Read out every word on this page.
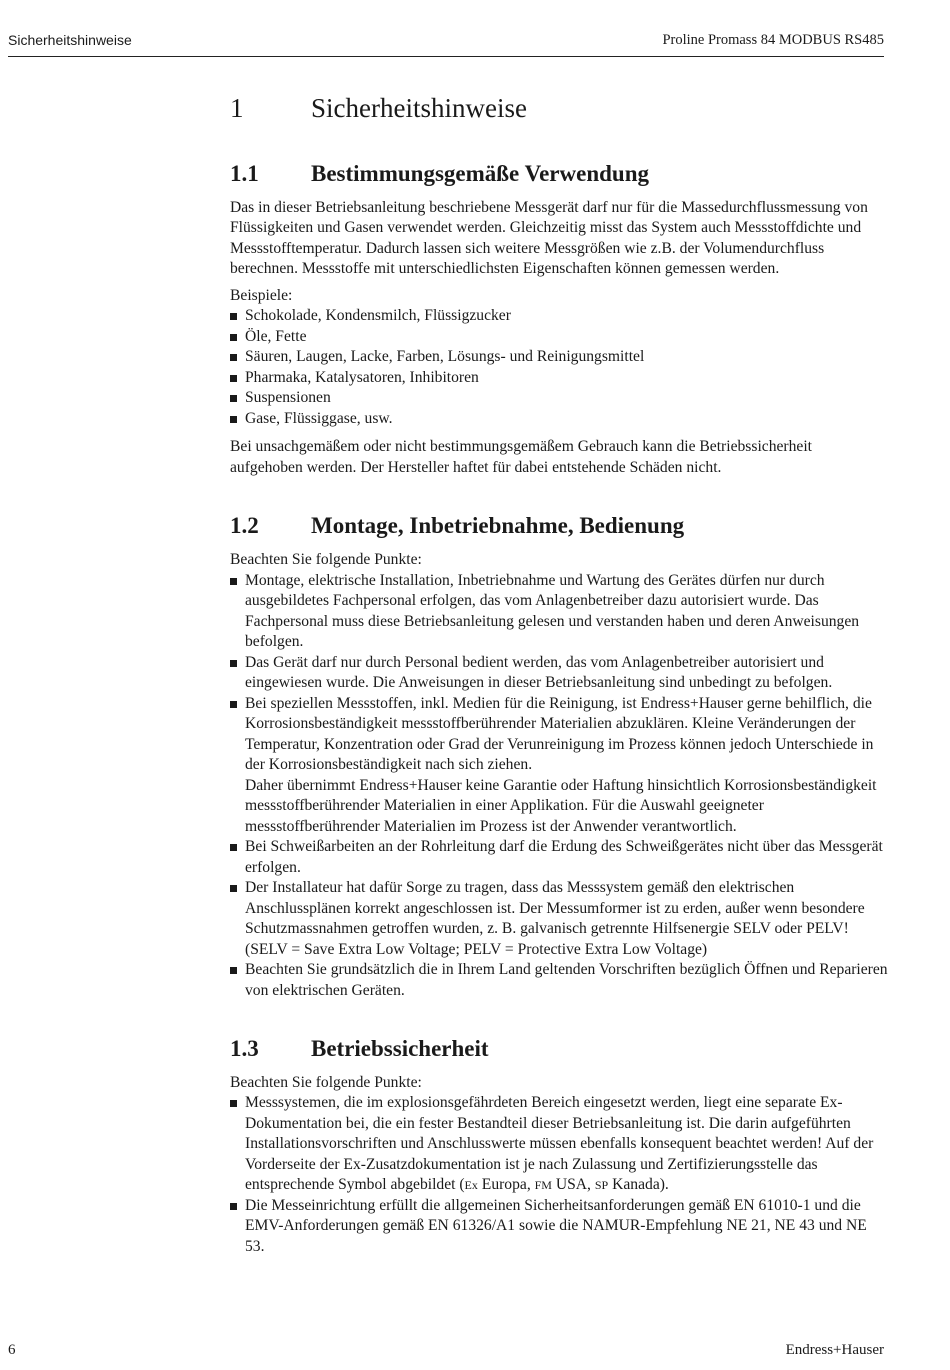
Sicherheitshinweise	Proline Promass 84 MODBUS RS485
1	Sicherheitshinweise
1.1	Bestimmungsgemäße Verwendung

Das in dieser Betriebsanleitung beschriebene Messgerät darf nur für die Massedurchflussmessung von Flüssigkeiten und Gasen verwendet werden. Gleichzeitig misst das System auch Messstoffdichte und Messstofftemperatur. Dadurch lassen sich weitere Messgrößen wie z.B. der Volumendurchfluss berechnen. Messstoffe mit unterschiedlichsten Eigenschaften können gemessen werden.

Beispiele:

Schokolade, Kondensmilch, Flüssigzucker
Öle, Fette
Säuren, Laugen, Lacke, Farben, Lösungs- und Reinigungsmittel
Pharmaka, Katalysatoren, Inhibitoren
Suspensionen
Gase, Flüssiggase, usw.

Bei unsachgemäßem oder nicht bestimmungsgemäßem Gebrauch kann die Betriebssicherheit aufgehoben werden. Der Hersteller haftet für dabei entstehende Schäden nicht.

1.2	Montage, Inbetriebnahme, Bedienung

Beachten Sie folgende Punkte:

Montage, elektrische Installation, Inbetriebnahme und Wartung des Gerätes dürfen nur durch ausgebildetes Fachpersonal erfolgen, das vom Anlagenbetreiber dazu autorisiert wurde. Das Fachpersonal muss diese Betriebsanleitung gelesen und verstanden haben und deren Anweisungen befolgen.
Das Gerät darf nur durch Personal bedient werden, das vom Anlagenbetreiber autorisiert und eingewiesen wurde. Die Anweisungen in dieser Betriebsanleitung sind unbedingt zu befolgen.
Bei speziellen Messstoffen, inkl. Medien für die Reinigung, ist Endress+Hauser gerne behilflich, die Korrosionsbeständigkeit messstoffberührender Materialien abzuklären. Kleine Veränderungen der Temperatur, Konzentration oder Grad der Verunreinigung im Prozess können jedoch Unterschiede in der Korrosionsbeständigkeit nach sich ziehen.
Daher übernimmt Endress+Hauser keine Garantie oder Haftung hinsichtlich Korrosionsbeständigkeit messstoffberührender Materialien in einer Applikation. Für die Auswahl geeigneter messstoffberührender Materialien im Prozess ist der Anwender verantwortlich.
Bei Schweißarbeiten an der Rohrleitung darf die Erdung des Schweißgerätes nicht über das Messgerät erfolgen.
Der Installateur hat dafür Sorge zu tragen, dass das Messsystem gemäß den elektrischen Anschlussplänen korrekt angeschlossen ist. Der Messumformer ist zu erden, außer wenn besondere Schutzmassnahmen getroffen wurden, z. B. galvanisch getrennte Hilfsenergie SELV oder PELV! (SELV = Save Extra Low Voltage; PELV = Protective Extra Low Voltage)
Beachten Sie grundsätzlich die in Ihrem Land geltenden Vorschriften bezüglich Öffnen und Reparieren von elektrischen Geräten.
1.3	Betriebssicherheit

Beachten Sie folgende Punkte:

Messsystemen, die im explosionsgefährdeten Bereich eingesetzt werden, liegt eine separate Ex-Dokumentation bei, die ein fester Bestandteil dieser Betriebsanleitung ist. Die darin aufgeführten Installationsvorschriften und Anschlusswerte müssen ebenfalls konsequent beachtet werden! Auf der Vorderseite der Ex-Zusatzdokumentation ist je nach Zulassung und Zertifizierungsstelle das entsprechende Symbol abgebildet (Ex Europa, FM USA, SP Kanada).
Die Messeinrichtung erfüllt die allgemeinen Sicherheitsanforderungen gemäß EN 61010-1 und die EMV-Anforderungen gemäß EN 61326/A1 sowie die NAMUR-Empfehlung NE 21, NE 43 und NE 53.
6	Endress+Hauser
